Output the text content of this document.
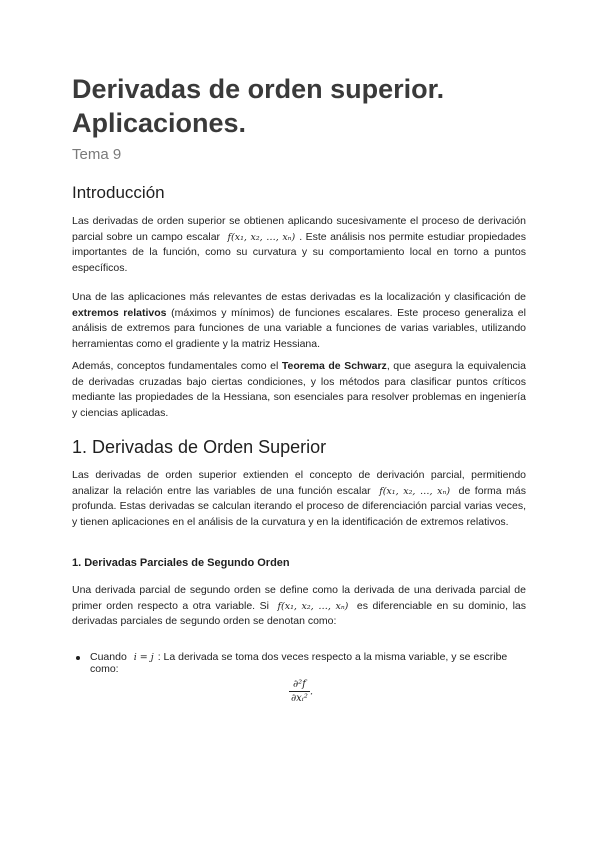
Derivadas de orden superior. Aplicaciones.
Tema 9
Introducción

Las derivadas de orden superior se obtienen aplicando sucesivamente el proceso de derivación parcial sobre un campo escalar f(x₁, x₂, …, xₙ) . Este análisis nos permite estudiar propiedades importantes de la función, como su curvatura y su comportamiento local en torno a puntos específicos.

Una de las aplicaciones más relevantes de estas derivadas es la localización y clasificación de extremos relativos (máximos y mínimos) de funciones escalares. Este proceso generaliza el análisis de extremos para funciones de una variable a funciones de varias variables, utilizando herramientas como el gradiente y la matriz Hessiana.

Además, conceptos fundamentales como el Teorema de Schwarz, que asegura la equivalencia de derivadas cruzadas bajo ciertas condiciones, y los métodos para clasificar puntos críticos mediante las propiedades de la Hessiana, son esenciales para resolver problemas en ingeniería y ciencias aplicadas.

1. Derivadas de Orden Superior

Las derivadas de orden superior extienden el concepto de derivación parcial, permitiendo analizar la relación entre las variables de una función escalar f(x₁, x₂, …, xₙ) de forma más profunda. Estas derivadas se calculan iterando el proceso de diferenciación parcial varias veces, y tienen aplicaciones en el análisis de la curvatura y en la identificación de extremos relativos.

1. Derivadas Parciales de Segundo Orden

Una derivada parcial de segundo orden se define como la derivada de una derivada parcial de primer orden respecto a otra variable. Si f(x₁, x₂, …, xₙ) es diferenciable en su dominio, las derivadas parciales de segundo orden se denotan como:

Cuando i = j : La derivada se toma dos veces respecto a la misma variable, y se escribe como:
$\frac{\text{∂²f}}{\text{∂xᵢ²}}$ .
